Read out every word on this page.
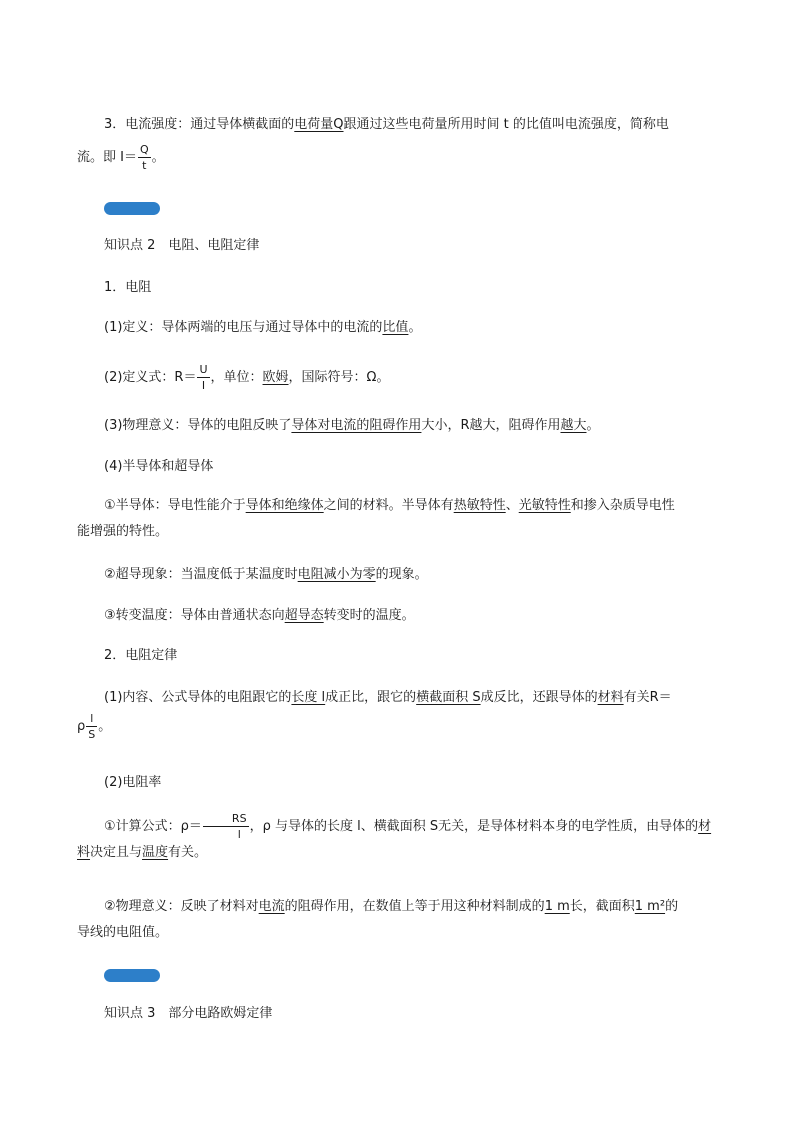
3．电流强度：通过导体横截面的电荷量Q跟通过这些电荷量所用时间 t 的比值叫电流强度，简称电
流。即 $I= \frac{Q}{t}$ 。
知识点 2　电阻、电阻定律
1．电阻
(1)定义：导体两端的电压与通过导体中的电流的比值。
(2)定义式：$R= \frac{U}{I}$ ，单位：欧姆，国际符号：Ω。
(3)物理意义：导体的电阻反映了导体对电流的阻碍作用大小，R越大，阻碍作用越大。
(4)半导体和超导体
①半导体：导电性能介于导体和绝缘体之间的材料。半导体有热敏特性、光敏特性和掺入杂质导电性
能增强的特性。
②超导现象：当温度低于某温度时电阻减小为零的现象。
③转变温度：导体由普通状态向超导态转变时的温度。
2．电阻定律
(1)内容、公式导体的电阻跟它的长度 l成正比，跟它的横截面积 S成反比，还跟导体的材料有关R＝
ρ $\frac{l}{S}$ 。
(2)电阻率
①计算公式：$\rho= \frac{RS}{l}$ ，ρ 与导体的长度 l、横截面积 S无关，是导体材料本身的电学性质，由导体的材料决定且与温度有关。
②物理意义：反映了材料对电流的阻碍作用，在数值上等于用这种材料制成的1 m长，截面积1 m²的
导线的电阻值。
知识点 3　部分电路欧姆定律
